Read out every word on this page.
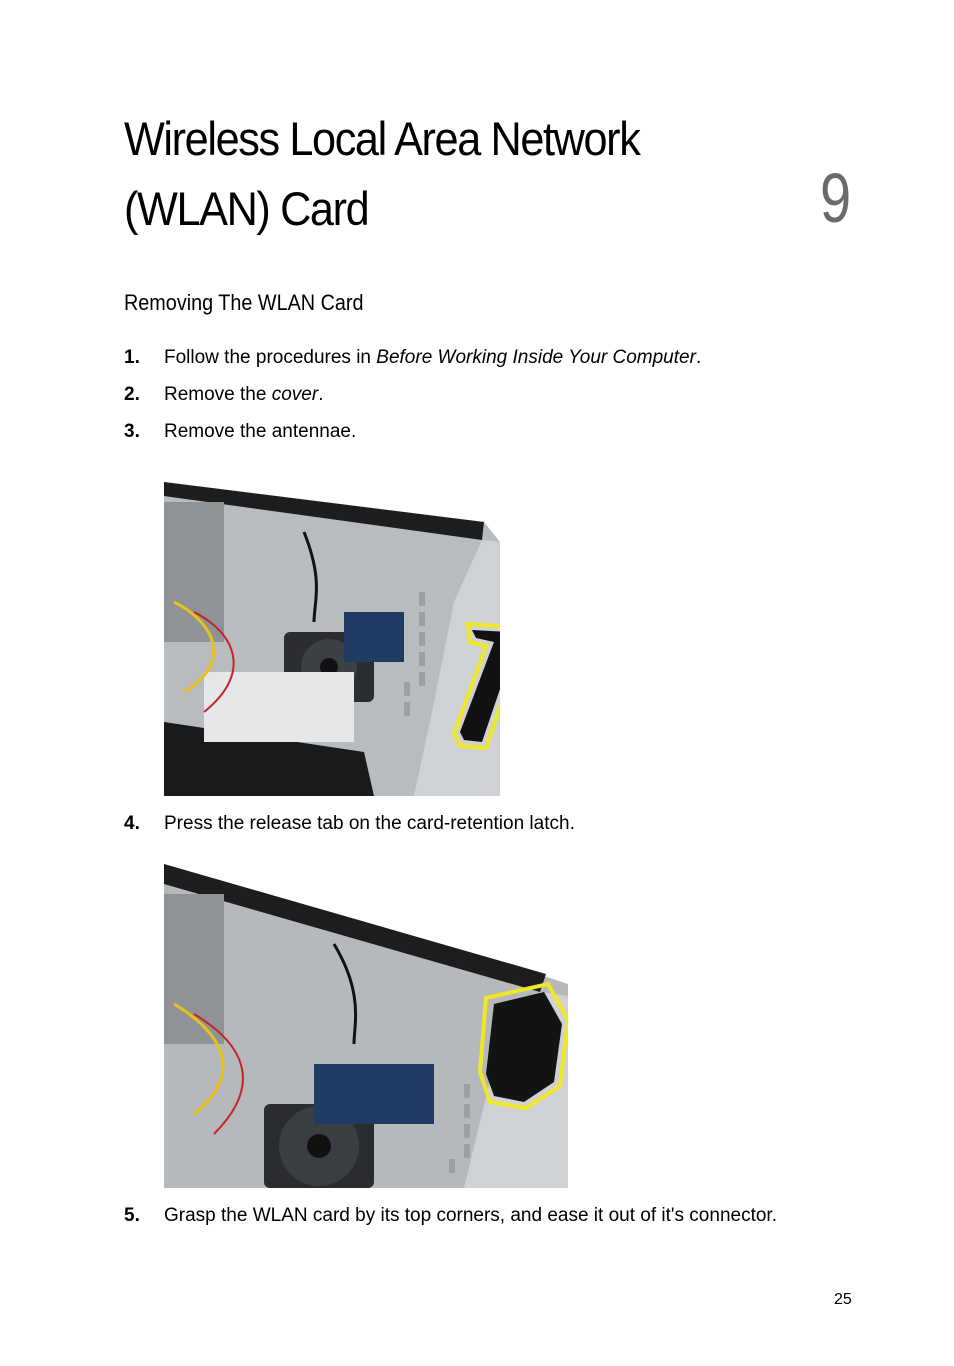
Wireless Local Area Network
(WLAN) Card	9
Removing The WLAN Card
1. Follow the procedures in Before Working Inside Your Computer.
2. Remove the cover.
3. Remove the antennae.
4. Press the release tab on the card-retention latch.
5. Grasp the WLAN card by its top corners, and ease it out of it's connector.
25
